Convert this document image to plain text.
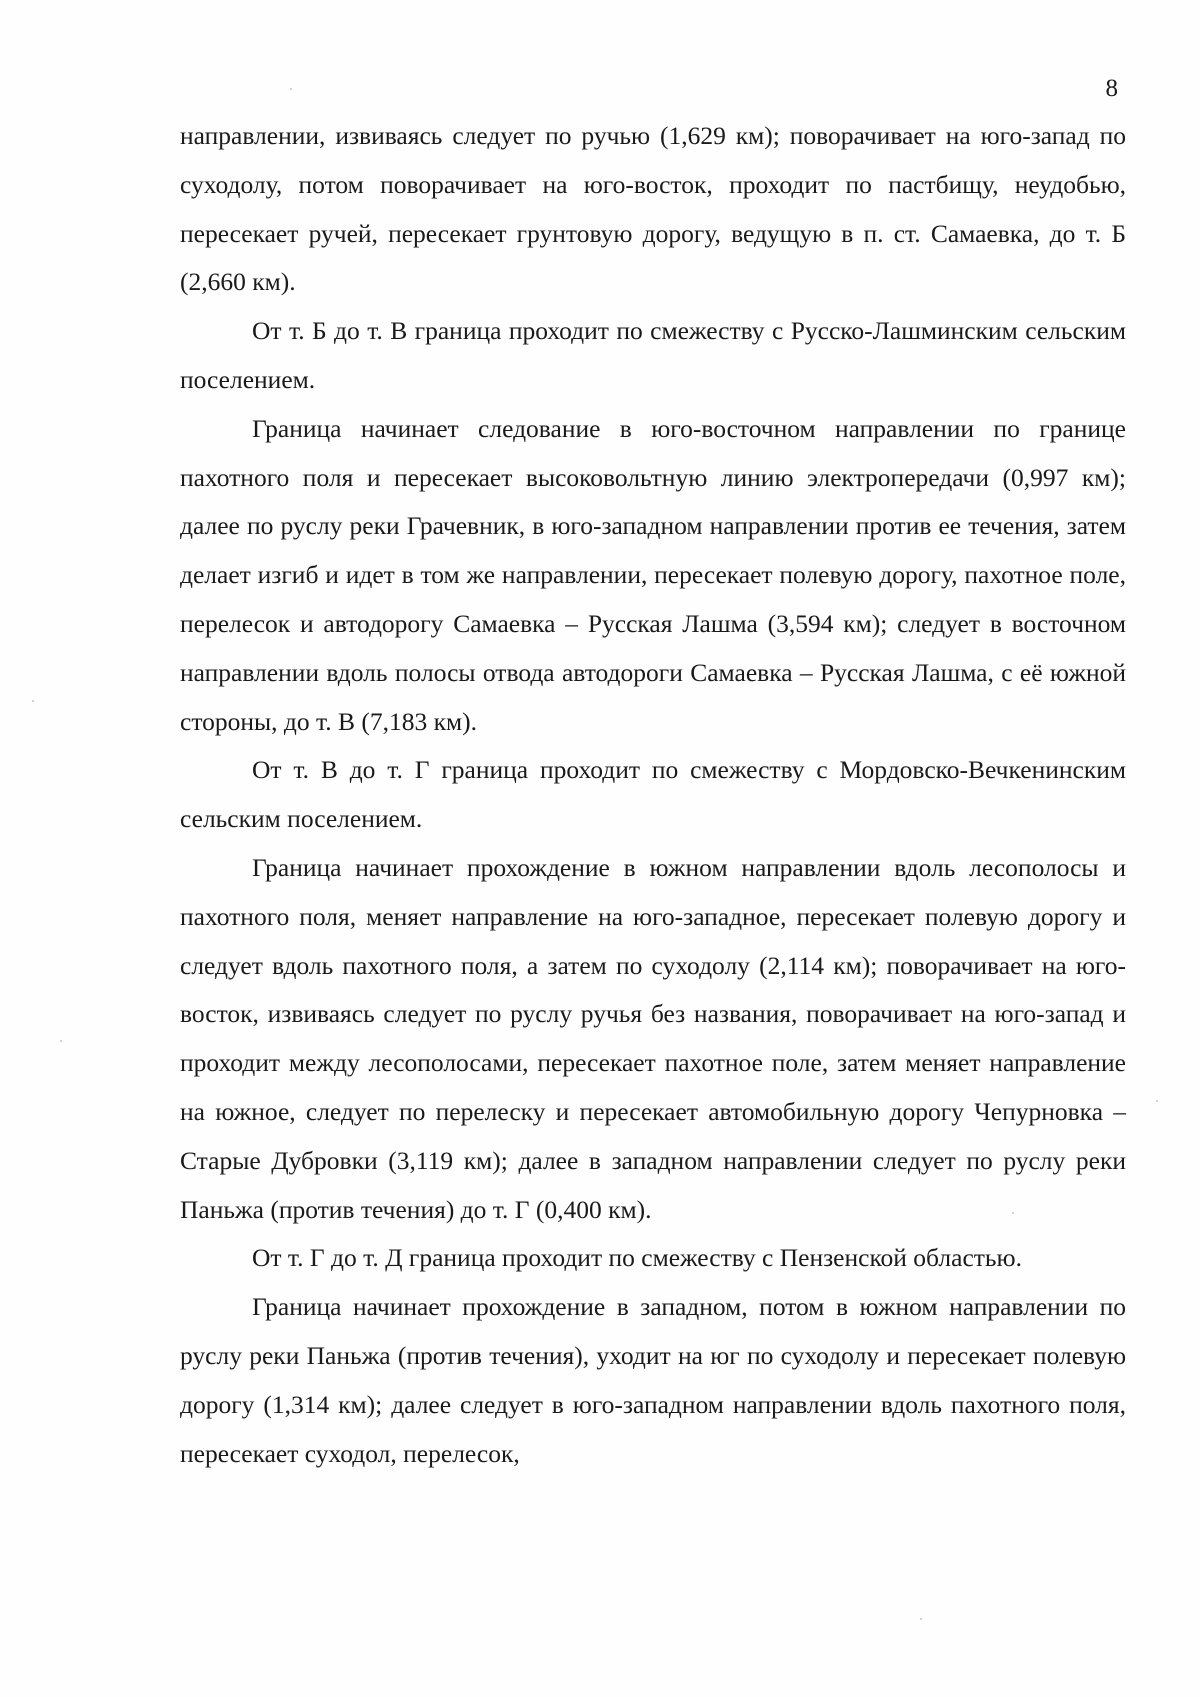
8

направлении, извиваясь следует по ручью (1,629 км); поворачивает на юго-запад по суходолу, потом поворачивает на юго-восток, проходит по пастбищу, неудобью, пересекает ручей, пересекает грунтовую дорогу, ведущую в п. ст. Самаевка, до т. Б (2,660 км).

От т. Б до т. В граница проходит по смежеству с Русско-Лашминским сельским поселением.

Граница начинает следование в юго-восточном направлении по границе пахотного поля и пересекает высоковольтную линию электропередачи (0,997 км); далее по руслу реки Грачевник, в юго-западном направлении против ее течения, затем делает изгиб и идет в том же направлении, пересекает полевую дорогу, пахотное поле, перелесок и автодорогу Самаевка – Русская Лашма (3,594 км); следует в восточном направлении вдоль полосы отвода автодороги Самаевка – Русская Лашма, с её южной стороны, до т. В (7,183 км).

От т. В до т. Г граница проходит по смежеству с Мордовско-Вечкенинским сельским поселением.

Граница начинает прохождение в южном направлении вдоль лесополосы и пахотного поля, меняет направление на юго-западное, пересекает полевую дорогу и следует вдоль пахотного поля, а затем по суходолу (2,114 км); поворачивает на юго-восток, извиваясь следует по руслу ручья без названия, поворачивает на юго-запад и проходит между лесополосами, пересекает пахотное поле, затем меняет направление на южное, следует по перелеску и пересекает автомобильную дорогу Чепурновка – Старые Дубровки (3,119 км); далее в западном направлении следует по руслу реки Паньжа (против течения) до т. Г (0,400 км).

От т. Г до т. Д граница проходит по смежеству с Пензенской областью.

Граница начинает прохождение в западном, потом в южном направлении по руслу реки Паньжа (против течения), уходит на юг по суходолу и пересекает полевую дорогу (1,314 км); далее следует в юго-западном направлении вдоль пахотного поля, пересекает суходол, перелесок,
